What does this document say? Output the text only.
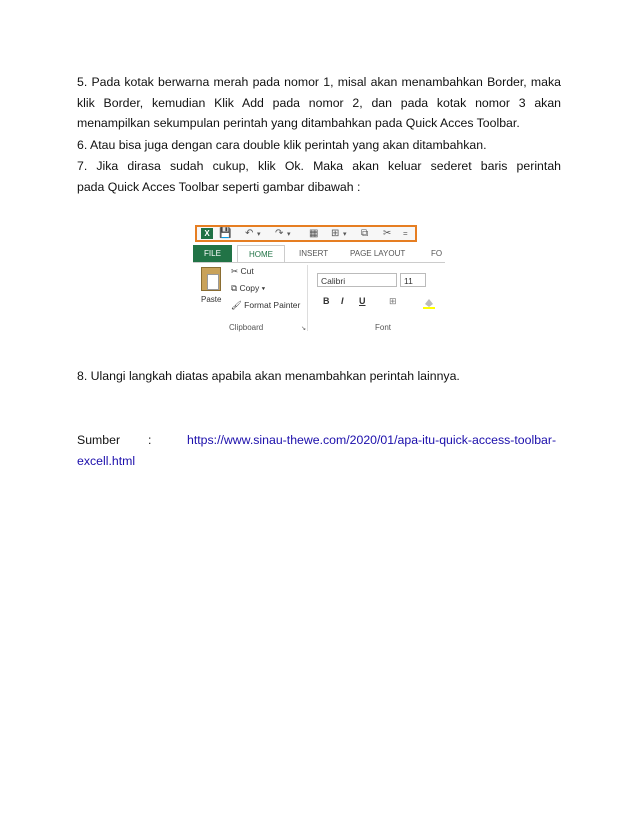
5. Pada kotak berwarna merah pada nomor 1, misal akan menambahkan Border, maka
klik Border, kemudian Klik Add pada nomor 2, dan pada kotak nomor 3 akan
menampilkan sekumpulan perintah yang ditambahkan pada Quick Acces Toolbar.
6. Atau bisa juga dengan cara double klik perintah yang akan ditambahkan.
7. Jika dirasa sudah cukup, klik Ok. Maka akan keluar sederet baris perintah
pada Quick Acces Toolbar seperti gambar dibawah :
X 💾 ↶ ▾ ↷ ▾ ▦ ⊞ ▾ ⧉ ✂ =
FILE	HOME	INSERT	PAGE LAYOUT	FO
Paste
✂ Cut
⧉ Copy ▾
🖌 Format Painter
Clipboard	↘
Calibri	11
B I U	⊞
Font
8. Ulangi langkah diatas apabila akan menambahkan perintah lainnya.
Sumber :	https://www.sinau-thewe.com/2020/01/apa-itu-quick-access-toolbar-
excell.html
